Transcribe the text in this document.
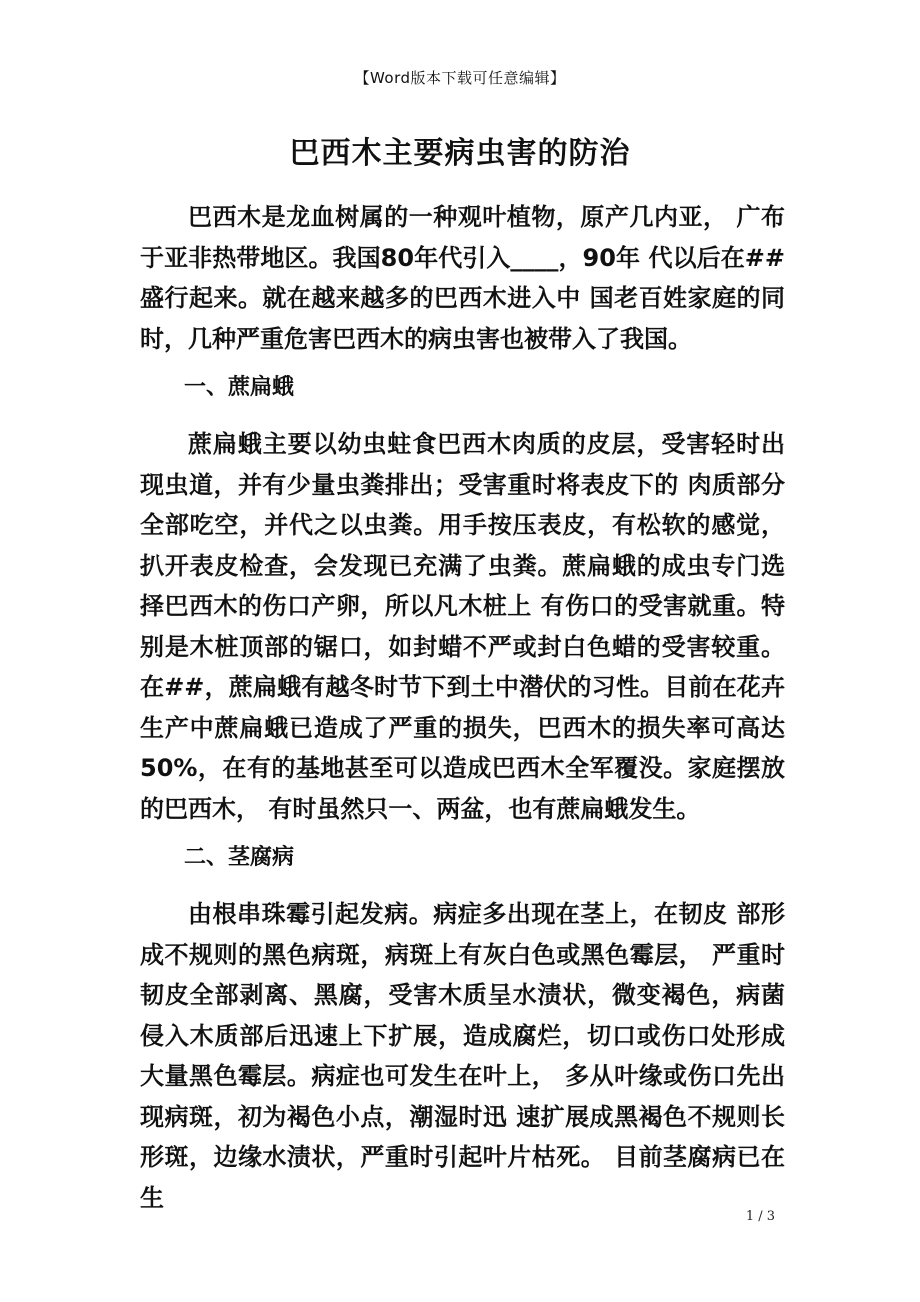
【Word版本下载可任意编辑】
巴西木主要病虫害的防治

巴西木是龙血树属的一种观叶植物，原产几内亚， 广布于亚非热带地区。我国80年代引入____，90年 代以后在##盛行起来。就在越来越多的巴西木进入中 国老百姓家庭的同时，几种严重危害巴西木的病虫害也被带入了我国。

一、蔗扁蛾

蔗扁蛾主要以幼虫蛀食巴西木肉质的皮层，受害轻时出现虫道，并有少量虫粪排出；受害重时将表皮下的 肉质部分全部吃空，并代之以虫粪。用手按压表皮，有松软的感觉，扒开表皮检查，会发现已充满了虫粪。蔗扁蛾的成虫专门选择巴西木的伤口产卵，所以凡木桩上 有伤口的受害就重。特别是木桩顶部的锯口，如封蜡不严或封白色蜡的受害较重。在##，蔗扁蛾有越冬时节下到土中潜伏的习性。目前在花卉生产中蔗扁蛾已造成了严重的损失，巴西木的损失率可高达50%，在有的基地甚至可以造成巴西木全军覆没。家庭摆放的巴西木， 有时虽然只一、两盆，也有蔗扁蛾发生。

二、茎腐病

由根串珠霉引起发病。病症多出现在茎上，在韧皮 部形成不规则的黑色病斑，病斑上有灰白色或黑色霉层， 严重时韧皮全部剥离、黑腐，受害木质呈水渍状，微变褐色，病菌侵入木质部后迅速上下扩展，造成腐烂，切口或伤口处形成大量黑色霉层。病症也可发生在叶上， 多从叶缘或伤口先出现病斑，初为褐色小点，潮湿时迅 速扩展成黑褐色不规则长形斑，边缘水渍状，严重时引起叶片枯死。 目前茎腐病已在生

1 / 3
